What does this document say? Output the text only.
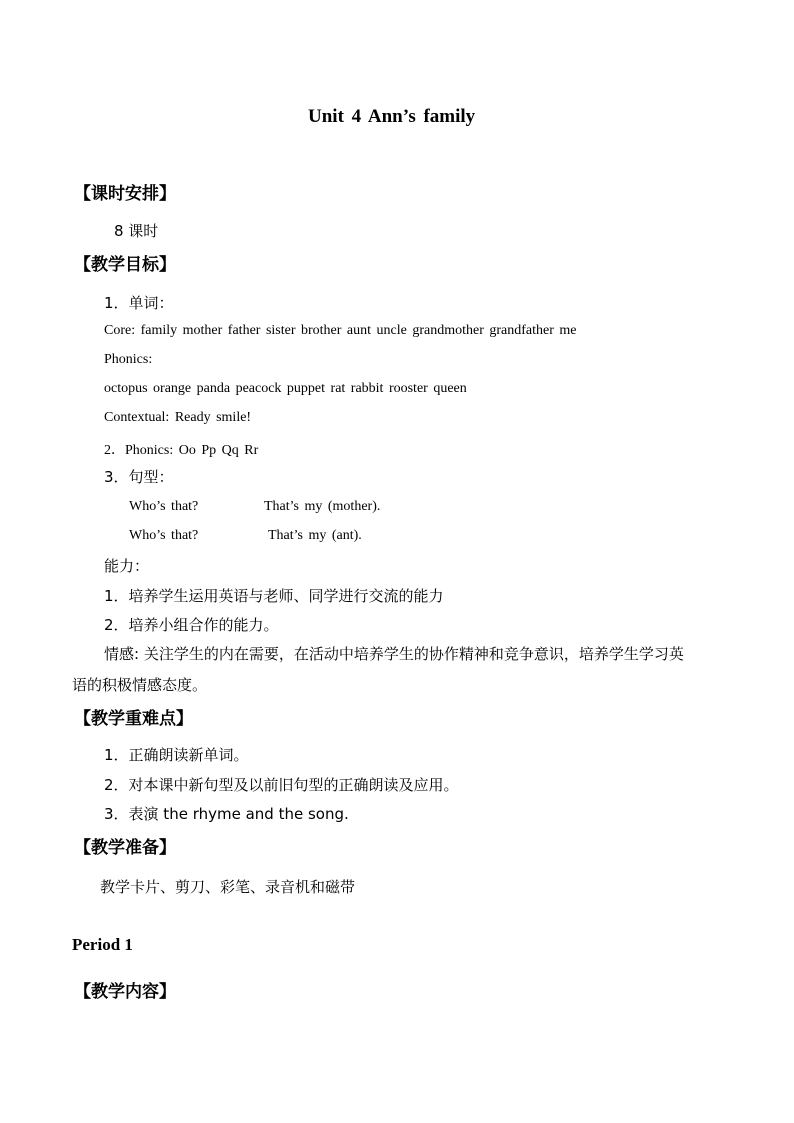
Unit 4 Ann’s family
【课时安排】
8 课时
【教学目标】
1．单词：
Core: family mother father sister brother aunt uncle grandmother grandfather me
Phonics:
octopus orange panda peacock puppet rat rabbit rooster queen
Contextual: Ready smile!
2．Phonics: Oo Pp Qq Rr
3．句型：
Who’s that?	That’s my (mother).
Who’s that?	That’s my (ant).
能力：
1．培养学生运用英语与老师、同学进行交流的能力
2．培养小组合作的能力。
情感: 关注学生的内在需要，在活动中培养学生的协作精神和竞争意识，培养学生学习英
语的积极情感态度。
【教学重难点】
1．正确朗读新单词。
2．对本课中新句型及以前旧句型的正确朗读及应用。
3．表演 the rhyme and the song.
【教学准备】
教学卡片、剪刀、彩笔、录音机和磁带
Period 1
【教学内容】
